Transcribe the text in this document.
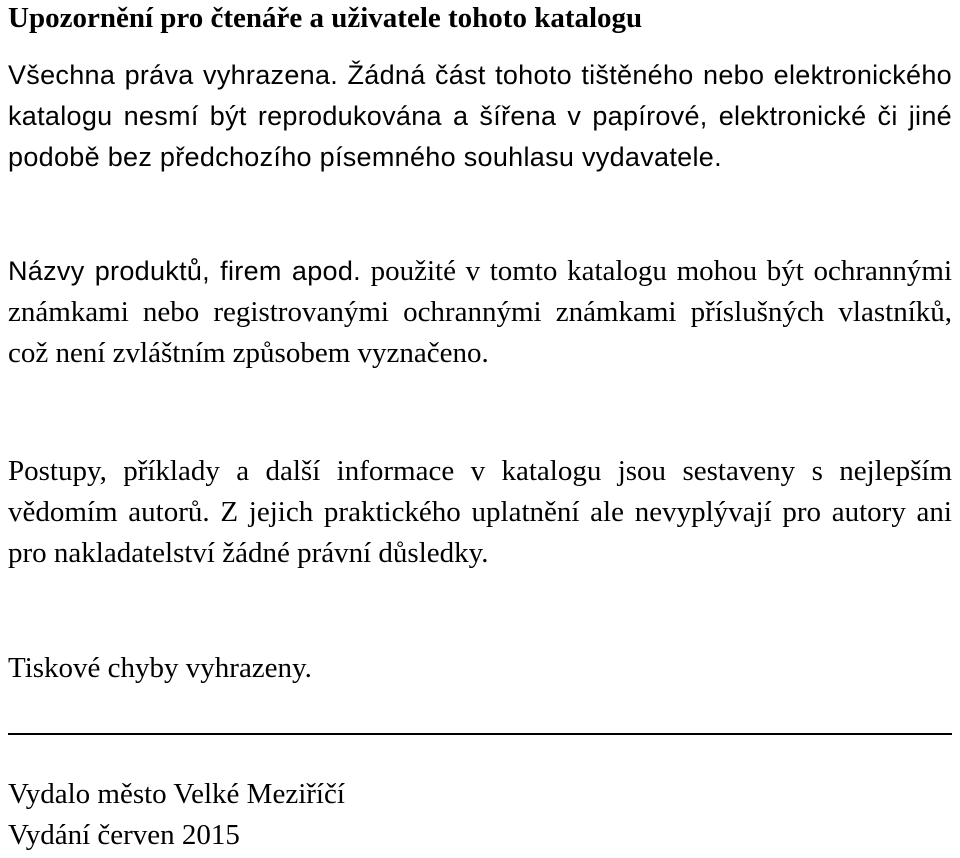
Upozornění pro čtenáře a uživatele tohoto katalogu

Všechna práva vyhrazena. Žádná část tohoto tištěného nebo elektronického katalogu nesmí být reprodukována a šířena v papírové, elektronické či jiné podobě bez předchozího písemného souhlasu vydavatele.

Názvy produktů, firem apod. použité v tomto katalogu mohou být ochrannými známkami nebo registrovanými ochrannými známkami příslušných vlastníků, což není zvláštním způsobem vyznačeno.

Postupy, příklady a další informace v katalogu jsou sestaveny s nejlepším vědomím autorů. Z jejich praktického uplatnění ale nevyplývají pro autory ani pro nakladatelství žádné právní důsledky.

Tiskové chyby vyhrazeny.

Vydalo město Velké Meziříčí

Vydání červen 2015
